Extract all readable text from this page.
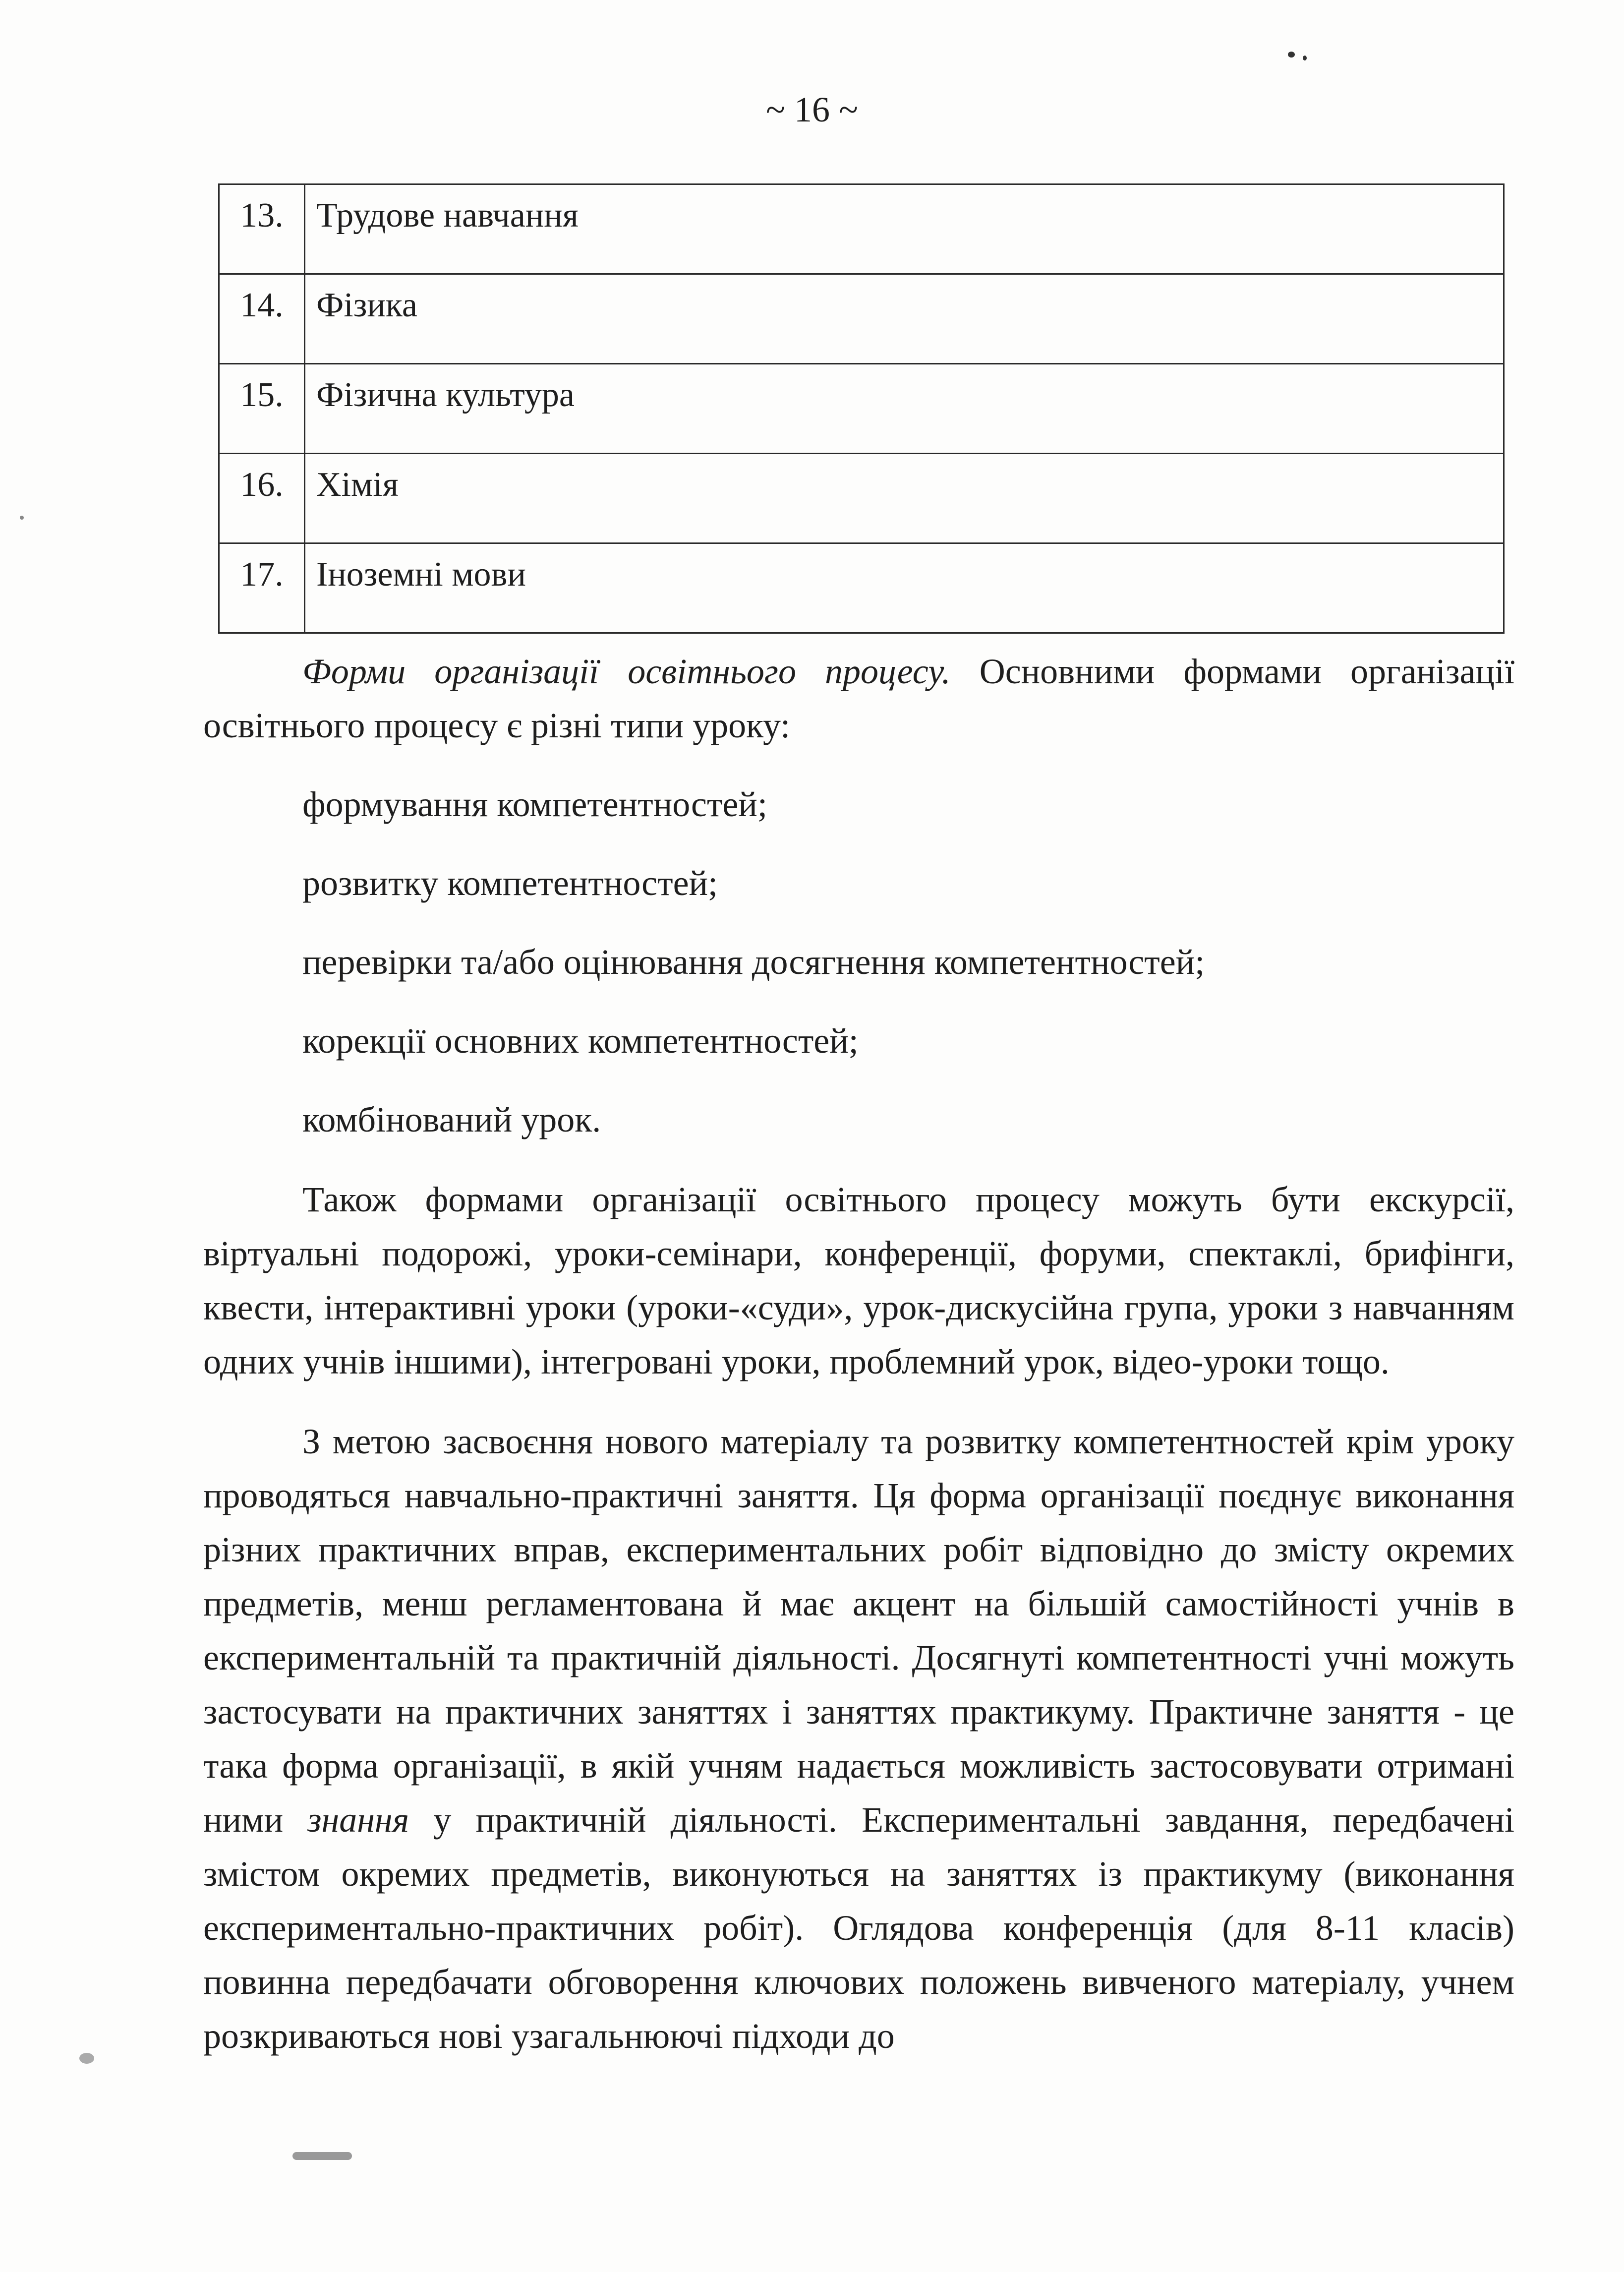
~ 16 ~
13.	Трудове навчання
14.	Фізика
15.	Фізична культура
16.	Хімія
17.	Іноземні мови

Форми організації освітнього процесу. Основними формами організації освітнього процесу є різні типи уроку:

формування компетентностей;

розвитку компетентностей;

перевірки та/або оцінювання досягнення компетентностей;

корекції основних компетентностей;

комбінований урок.

Також формами організації освітнього процесу можуть бути екскурсії, віртуальні подорожі, уроки-семінари, конференції, форуми, спектаклі, брифінги, квести, інтерактивні уроки (уроки-«суди», урок-дискусійна група, уроки з навчанням одних учнів іншими), інтегровані уроки, проблемний урок, відео-уроки тощо.

З метою засвоєння нового матеріалу та розвитку компетентностей крім уроку проводяться навчально-практичні заняття. Ця форма організації поєднує виконання різних практичних вправ, експериментальних робіт відповідно до змісту окремих предметів, менш регламентована й має акцент на більшій самостійності учнів в експериментальній та практичній діяльності. Досягнуті компетентності учні можуть застосувати на практичних заняттях і заняттях практикуму. Практичне заняття - це така форма організації, в якій учням надається можливість застосовувати отримані ними знання у практичній діяльності. Експериментальні завдання, передбачені змістом окремих предметів, виконуються на заняттях із практикуму (виконання експериментально-практичних робіт). Оглядова конференція (для 8-11 класів) повинна передбачати обговорення ключових положень вивченого матеріалу, учнем розкриваються нові узагальнюючі підходи до
